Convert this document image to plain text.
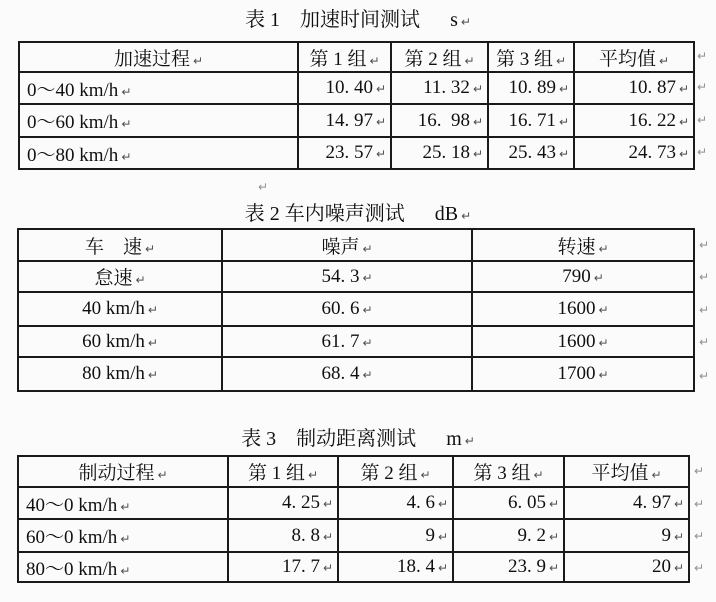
表 1　加速时间测试 s ↵
加速过程 ↵	第 1 组 ↵	第 2 组 ↵	第 3 组 ↵	平均值 ↵
0～40 km/h ↵	10. 40 ↵	11. 32 ↵	10. 89 ↵	10. 87 ↵
0～60 km/h ↵	14. 97 ↵	16.  98 ↵	16. 71 ↵	16. 22 ↵
0～80 km/h ↵	23. 57 ↵	25. 18 ↵	25. 43 ↵	24. 73 ↵
↵
表 2 车内噪声测试 dB ↵
车　速 ↵	噪声 ↵	转速 ↵
怠速 ↵	54. 3 ↵	790 ↵
40 km/h ↵	60. 6 ↵	1600 ↵
60 km/h ↵	61. 7 ↵	1600 ↵
80 km/h ↵	68. 4 ↵	1700 ↵
表 3　制动距离测试 m ↵
制动过程 ↵	第 1 组 ↵	第 2 组 ↵	第 3 组 ↵	平均值 ↵
40～0 km/h ↵	4. 25 ↵	4. 6 ↵	6. 05 ↵	4. 97 ↵
60～0 km/h ↵	8. 8 ↵	9 ↵	9. 2 ↵	9 ↵
80～0 km/h ↵	17. 7 ↵	18. 4 ↵	23. 9 ↵	20 ↵
↵
↵
↵
↵
↵
↵
↵
↵
↵
↵
↵
↵
↵
